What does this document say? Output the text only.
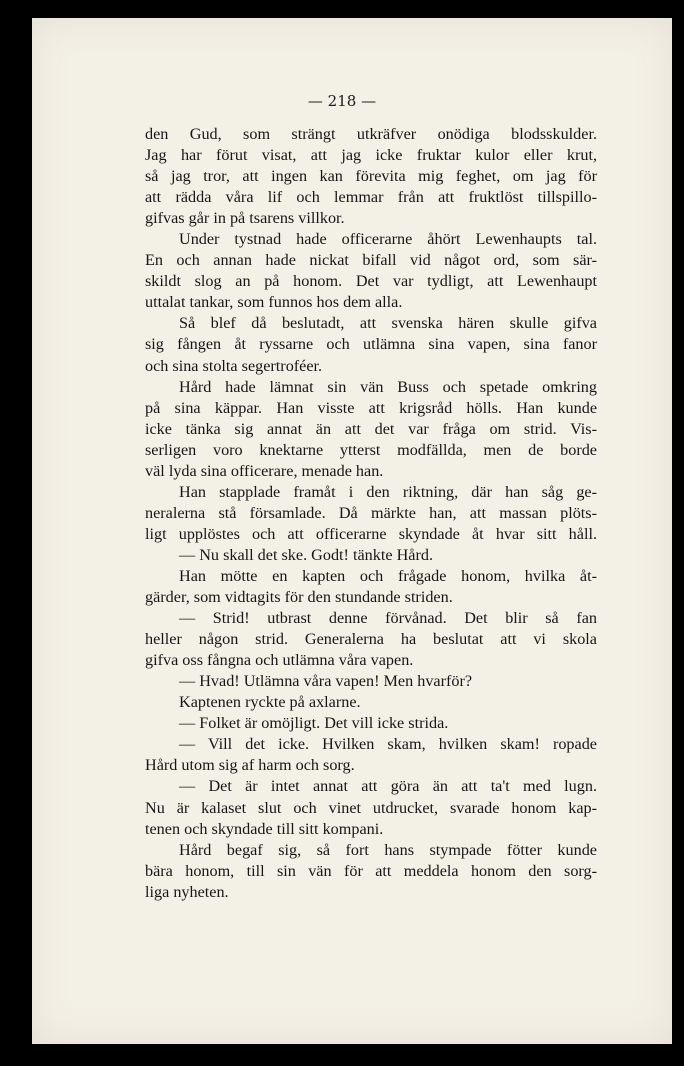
— 218 —
den Gud, som strängt utkräfver onödiga blodsskulder.
Jag har förut visat, att jag icke fruktar kulor eller krut,
så jag tror, att ingen kan förevita mig feghet, om jag för
att rädda våra lif och lemmar från att fruktlöst tillspillo-
gifvas går in på tsarens villkor.
Under tystnad hade officerarne åhört Lewenhaupts tal.
En och annan hade nickat bifall vid något ord, som sär-
skildt slog an på honom. Det var tydligt, att Lewenhaupt
uttalat tankar, som funnos hos dem alla.
Så blef då beslutadt, att svenska hären skulle gifva
sig fången åt ryssarne och utlämna sina vapen, sina fanor
och sina stolta segertroféer.
Hård hade lämnat sin vän Buss och spetade omkring
på sina käppar. Han visste att krigsråd hölls. Han kunde
icke tänka sig annat än att det var fråga om strid. Vis-
serligen voro knektarne ytterst modfällda, men de borde
väl lyda sina officerare, menade han.
Han stapplade framåt i den riktning, där han såg ge-
neralerna stå församlade. Då märkte han, att massan plöts-
ligt upplöstes och att officerarne skyndade åt hvar sitt håll.
— Nu skall det ske. Godt! tänkte Hård.
Han mötte en kapten och frågade honom, hvilka åt-
gärder, som vidtagits för den stundande striden.
— Strid! utbrast denne förvånad. Det blir så fan
heller någon strid. Generalerna ha beslutat att vi skola
gifva oss fångna och utlämna våra vapen.
— Hvad! Utlämna våra vapen! Men hvarför?
Kaptenen ryckte på axlarne.
— Folket är omöjligt. Det vill icke strida.
— Vill det icke. Hvilken skam, hvilken skam! ropade
Hård utom sig af harm och sorg.
— Det är intet annat att göra än att ta't med lugn.
Nu är kalaset slut och vinet utdrucket, svarade honom kap-
tenen och skyndade till sitt kompani.
Hård begaf sig, så fort hans stympade fötter kunde
bära honom, till sin vän för att meddela honom den sorg-
liga nyheten.
